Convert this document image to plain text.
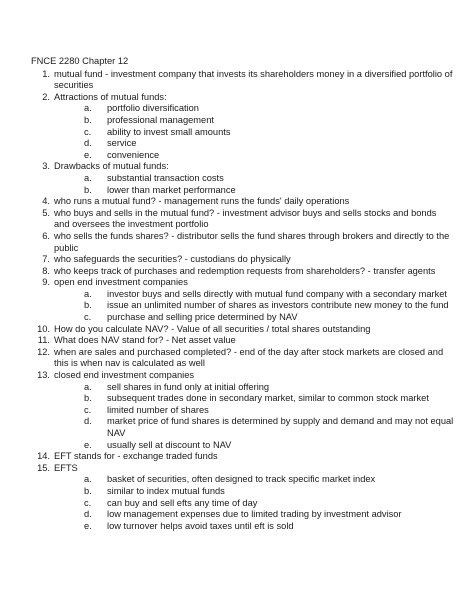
FNCE 2280 Chapter 12
1. mutual fund - investment company that invests its shareholders money in a diversified portfolio of securities
2. Attractions of mutual funds:
a. portfolio diversification
b. professional management
c. ability to invest small amounts
d. service
e. convenience
3. Drawbacks of mutual funds:
a. substantial transaction costs
b. lower than market performance
4. who runs a mutual fund? - management runs the funds' daily operations
5. who buys and sells in the mutual fund? - investment advisor buys and sells stocks and bonds and oversees the investment portfolio
6. who sells the funds shares? - distributor sells the fund shares through brokers and directly to the public
7. who safeguards the securities? - custodians do physically
8. who keeps track of purchases and redemption requests from shareholders? - transfer agents
9. open end investment companies
a. investor buys and sells directly with mutual fund company with a secondary market
b. issue an unlimited number of shares as investors contribute new money to the fund
c. purchase and selling price determined by NAV
10. How do you calculate NAV? - Value of all securities / total shares outstanding
11. What does NAV stand for? - Net asset value
12. when are sales and purchased completed? - end of the day after stock markets are closed and this is when nav is calculated as well
13. closed end investment companies
a. sell shares in fund only at initial offering
b. subsequent trades done in secondary market, similar to common stock market
c. limited number of shares
d. market price of fund shares is determined by supply and demand and may not equal NAV
e. usually sell at discount to NAV
14. EFT stands for - exchange traded funds
15. EFTS
a. basket of securities, often designed to track specific market index
b. similar to index mutual funds
c. can buy and sell efts any time of day
d. low management expenses due to limited trading by investment advisor
e. low turnover helps avoid taxes until eft is sold
